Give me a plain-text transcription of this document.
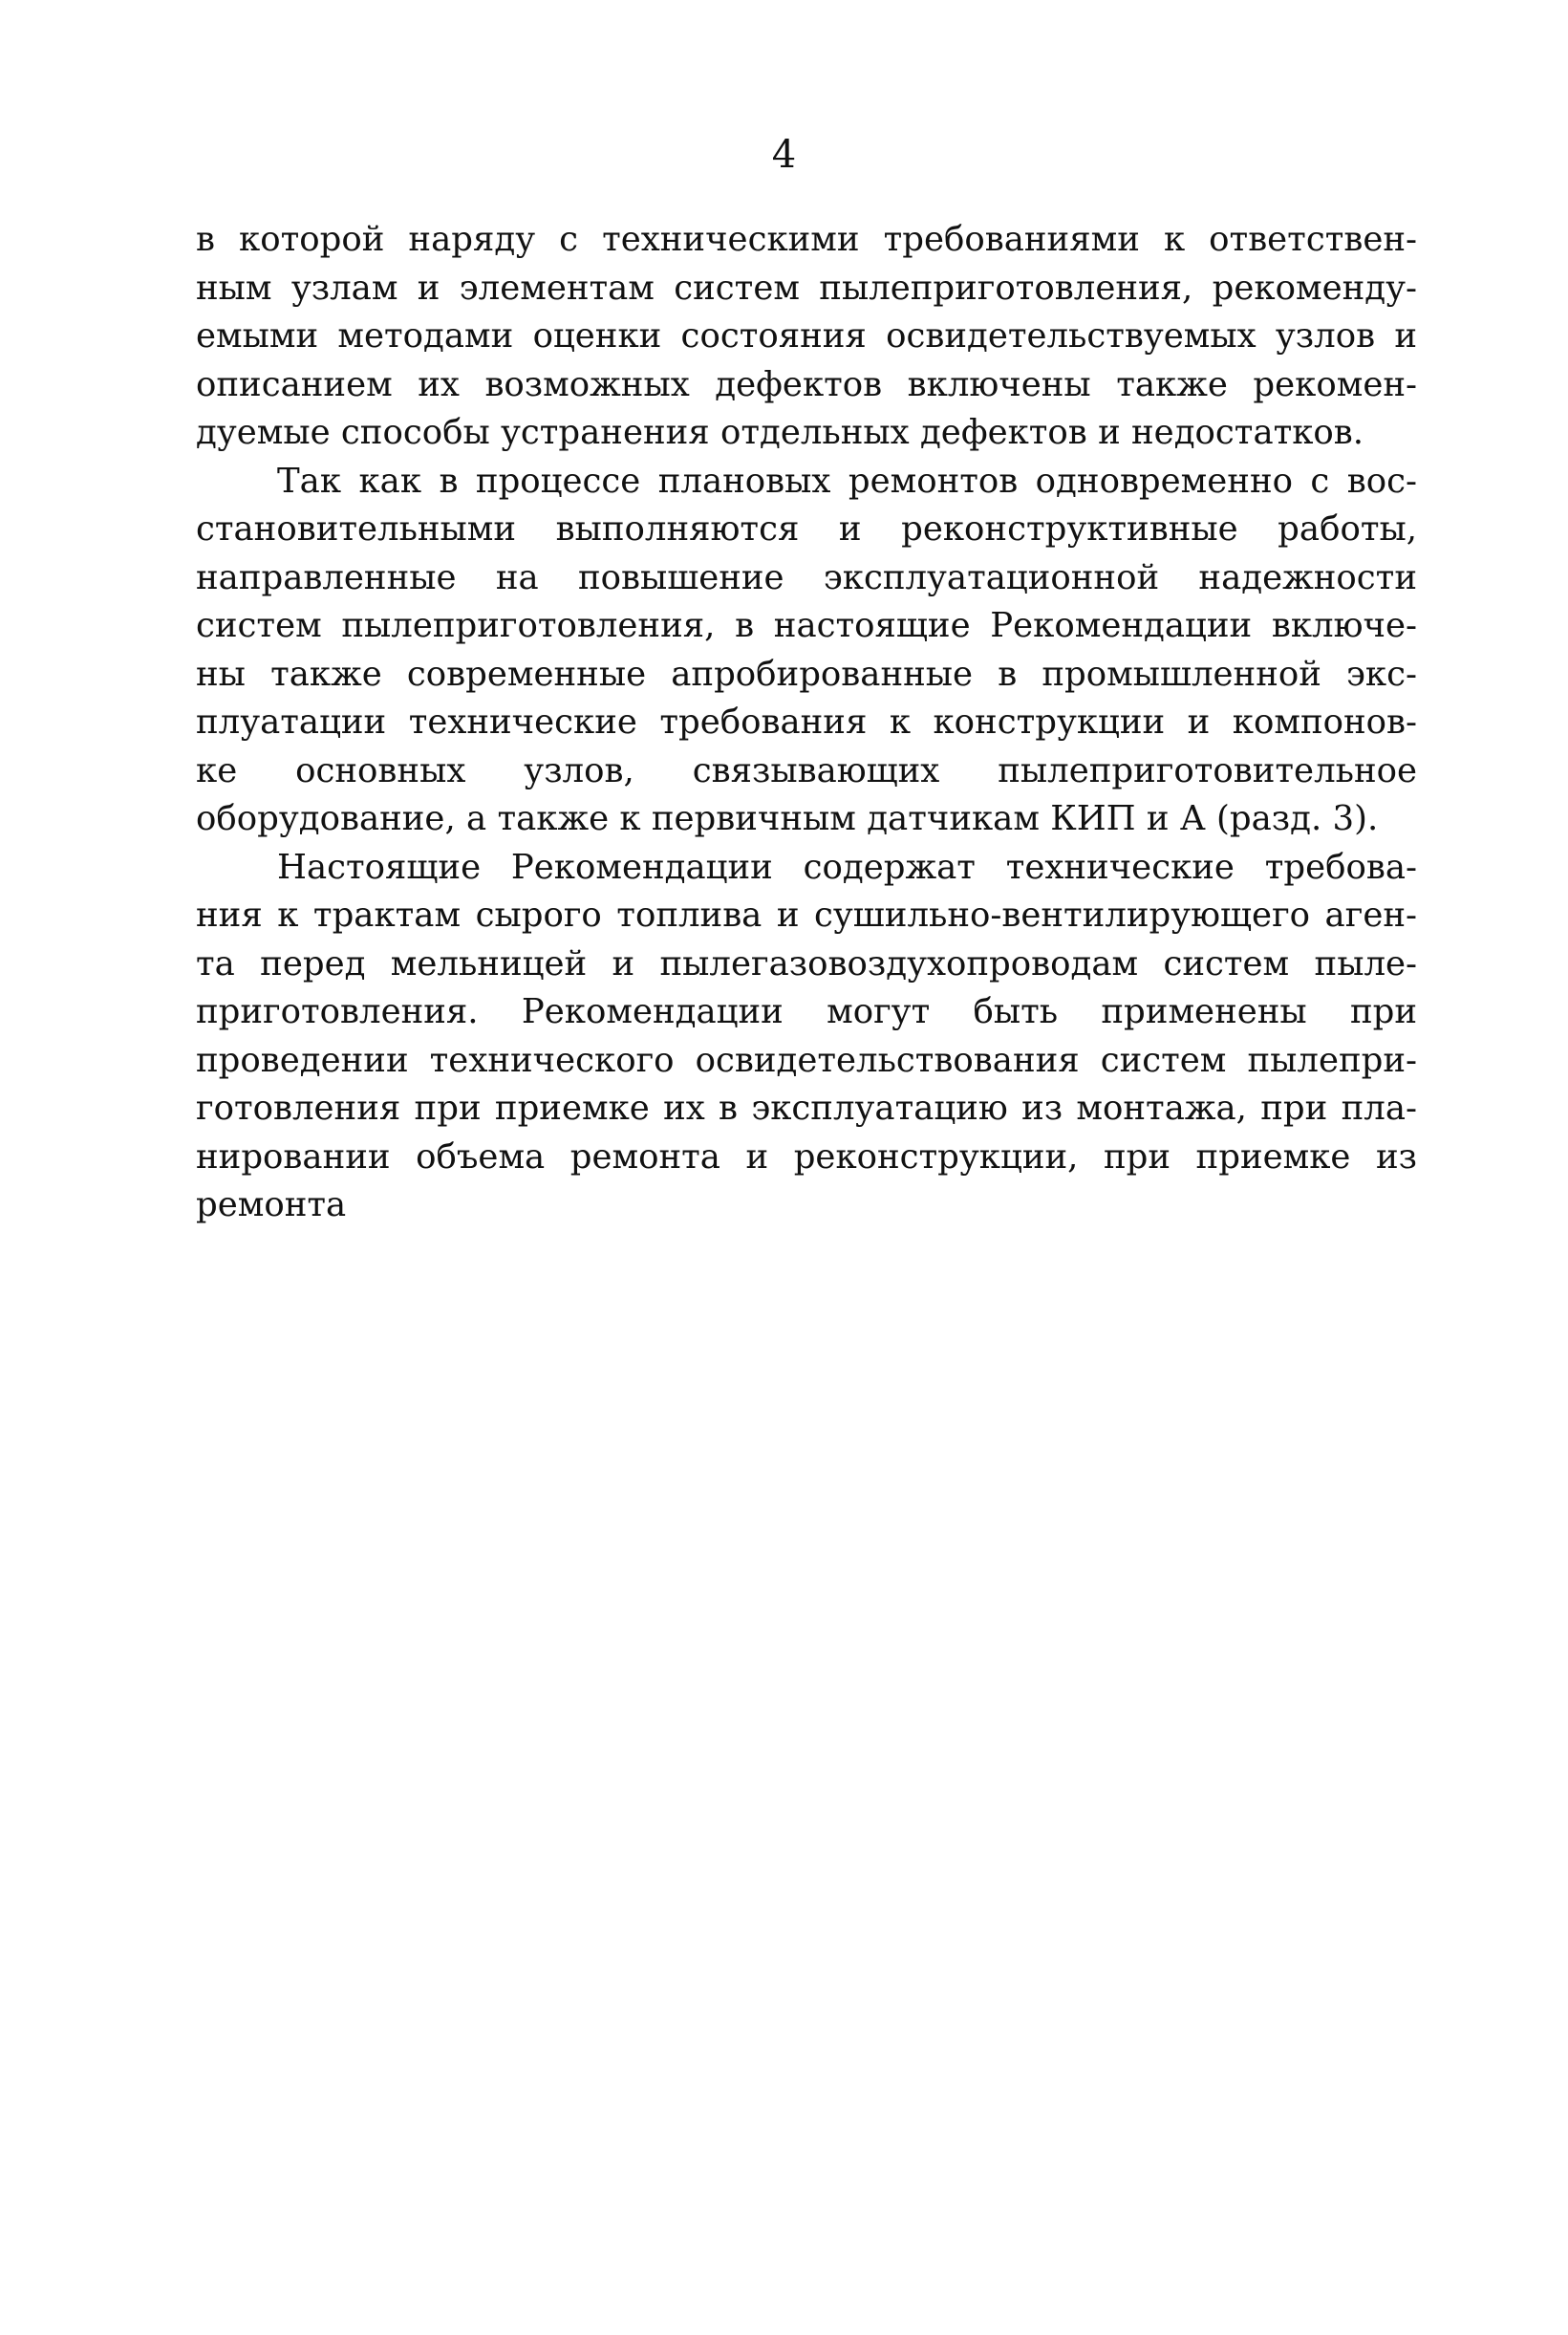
4
в которой наряду с техническими требованиями к ответствен-
ным узлам и элементам систем пылеприготовления, рекоменду-
емыми методами оценки состояния освидетельствуемых узлов и
описанием их возможных дефектов включены также рекомен-
дуемые способы устранения отдельных дефектов и недостатков.
Так как в процессе плановых ремонтов одновременно с вос-
становительными выполняются и реконструктивные работы,
направленные на повышение эксплуатационной надежности
систем пылеприготовления, в настоящие Рекомендации включе-
ны также современные апробированные в промышленной экс-
плуатации технические требования к конструкции и компонов-
ке основных узлов, связывающих пылеприготовительное
оборудование, а также к первичным датчикам КИП и А (разд. 3).
Настоящие Рекомендации содержат технические требова-
ния к трактам сырого топлива и сушильно-вентилирующего аген-
та перед мельницей и пылегазовоздухопроводам систем пыле-
приготовления. Рекомендации могут быть применены при
проведении технического освидетельствования систем пылепри-
готовления при приемке их в эксплуатацию из монтажа, при пла-
нировании объема ремонта и реконструкции, при приемке из
ремонта
